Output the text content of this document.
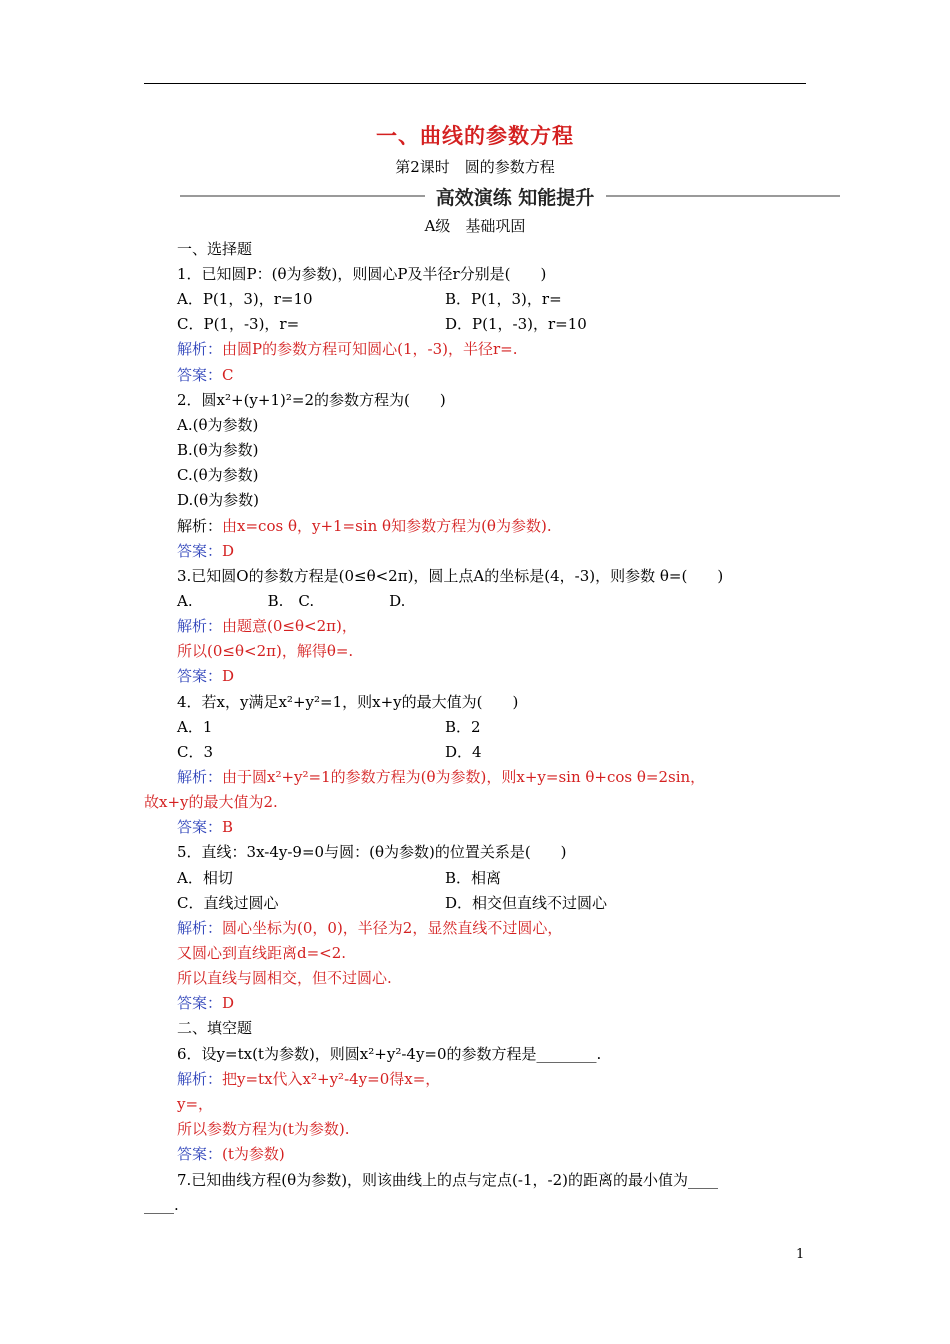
一、曲线的参数方程
第2课时　圆的参数方程
高效演练 知能提升
A级　基础巩固
一、选择题
1．已知圆P：(θ为参数)，则圆心P及半径r分别是(　　)
A．P(1，3)，r=10	B．P(1，3)，r=
C．P(1，-3)，r=	D．P(1，-3)，r=10
解析：由圆P的参数方程可知圆心(1，-3)，半径r=.
答案：C
2．圆x²+(y+1)²=2的参数方程为(　　)
A.(θ为参数)
B.(θ为参数)
C.(θ为参数)
D.(θ为参数)
解析：由x=cos θ，y+1=sin θ知参数方程为(θ为参数).
答案：D
3.已知圆O的参数方程是(0≤θ<2π)，圆上点A的坐标是(4，-3)，则参数 θ=(　　)
A.　　　　　B.　C.　　　　　D.
解析：由题意(0≤θ<2π)，
所以(0≤θ<2π)，解得θ=.
答案：D
4．若x，y满足x²+y²=1，则x+y的最大值为(　　)
A．1	B．2
C．3	D．4
解析：由于圆x²+y²=1的参数方程为(θ为参数)，则x+y=sin θ+cos θ=2sin，
故x+y的最大值为2.
答案：B
5．直线：3x-4y-9=0与圆：(θ为参数)的位置关系是(　　)
A．相切	B．相离
C．直线过圆心	D．相交但直线不过圆心
解析：圆心坐标为(0，0)，半径为2，显然直线不过圆心，
又圆心到直线距离d=<2.
所以直线与圆相交，但不过圆心.
答案：D
二、填空题
6．设y=tx(t为参数)，则圆x²+y²-4y=0的参数方程是________.
解析：把y=tx代入x²+y²-4y=0得x=，
y=，
所以参数方程为(t为参数).
答案：(t为参数)
7.已知曲线方程(θ为参数)，则该曲线上的点与定点(-1，-2)的距离的最小值为____
____.
1
